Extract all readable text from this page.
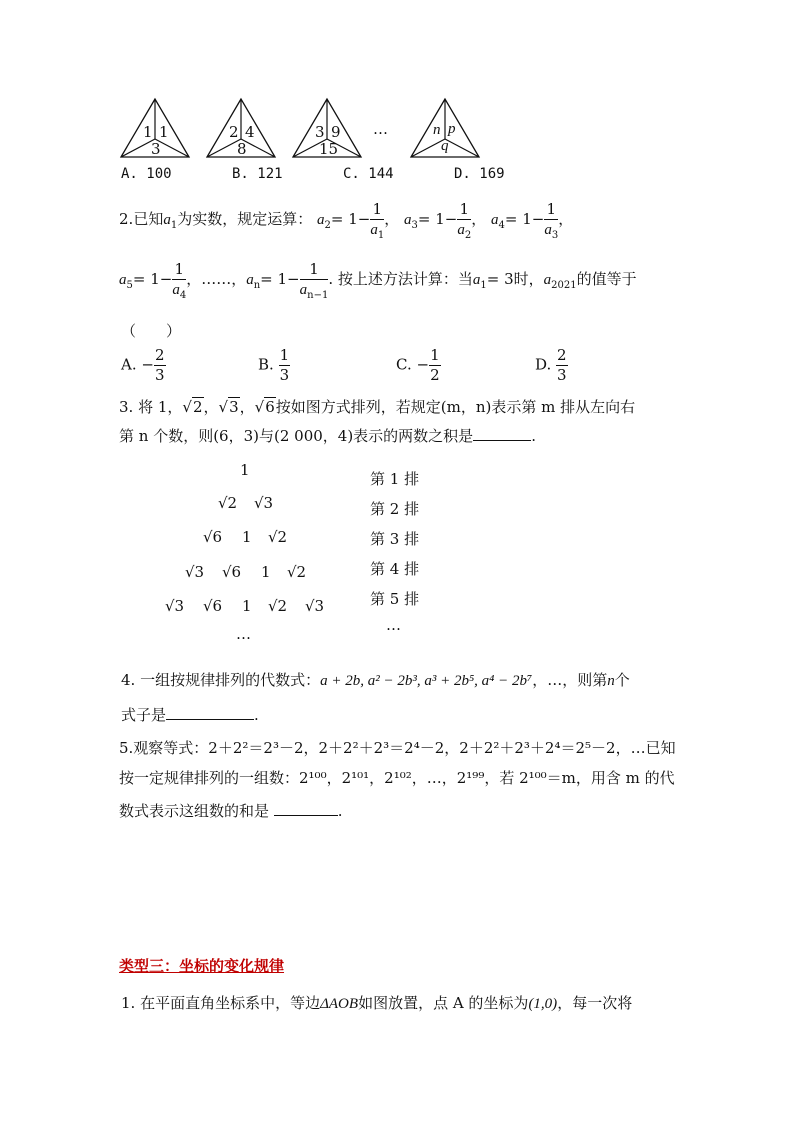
1 1
3
2 4
8
3 9
15
…	n p
q
A. 100	B. 121	C. 144	D. 169
2.已知$a_1$为实数，规定运算： $a_2= 1- \frac{1}{a_1}$ ， $a_3= 1- \frac{1}{a_2}$ ， $a_4= 1- \frac{1}{a_3}$ ，
$a_5= 1- \frac{1}{a_4}$ ，……，$a_n= 1- \frac{1}{a_{n-1}}$ . 按上述方法计算：当$a_1= 3$时，$a_{2021}$的值等于
（　　）
A. − $\frac{2}{3}$	B. $\frac{1}{3}$	C. − $\frac{1}{2}$	D. $\frac{2}{3}$
3. 将 1，√2，√3，√6按如图方式排列，若规定(m，n)表示第 m 排从左向右
第 n 个数，则(6，3)与(2 000，4)表示的两数之积是	.
1
√2 √3
√6 1 √2
√3 √6 1 √2
√3 √6 1 √2 √3
…
第 1 排
第 2 排
第 3 排
第 4 排
第 5 排
…
4. 一组按规律排列的代数式：a + 2b, a² − 2b³, a³ + 2b⁵, a⁴ − 2b⁷，…，则第n个
式子是	.
5.观察等式：2＋2²＝2³－2，2＋2²＋2³＝2⁴－2，2＋2²＋2³＋2⁴＝2⁵－2，…已知
按一定规律排列的一组数：2¹⁰⁰，2¹⁰¹，2¹⁰²，…，2¹⁹⁹，若 2¹⁰⁰＝m，用含 m 的代
数式表示这组数的和是	.
类型三：坐标的变化规律
1. 在平面直角坐标系中，等边ΔAOB如图放置，点 A 的坐标为(1,0)，每一次将
